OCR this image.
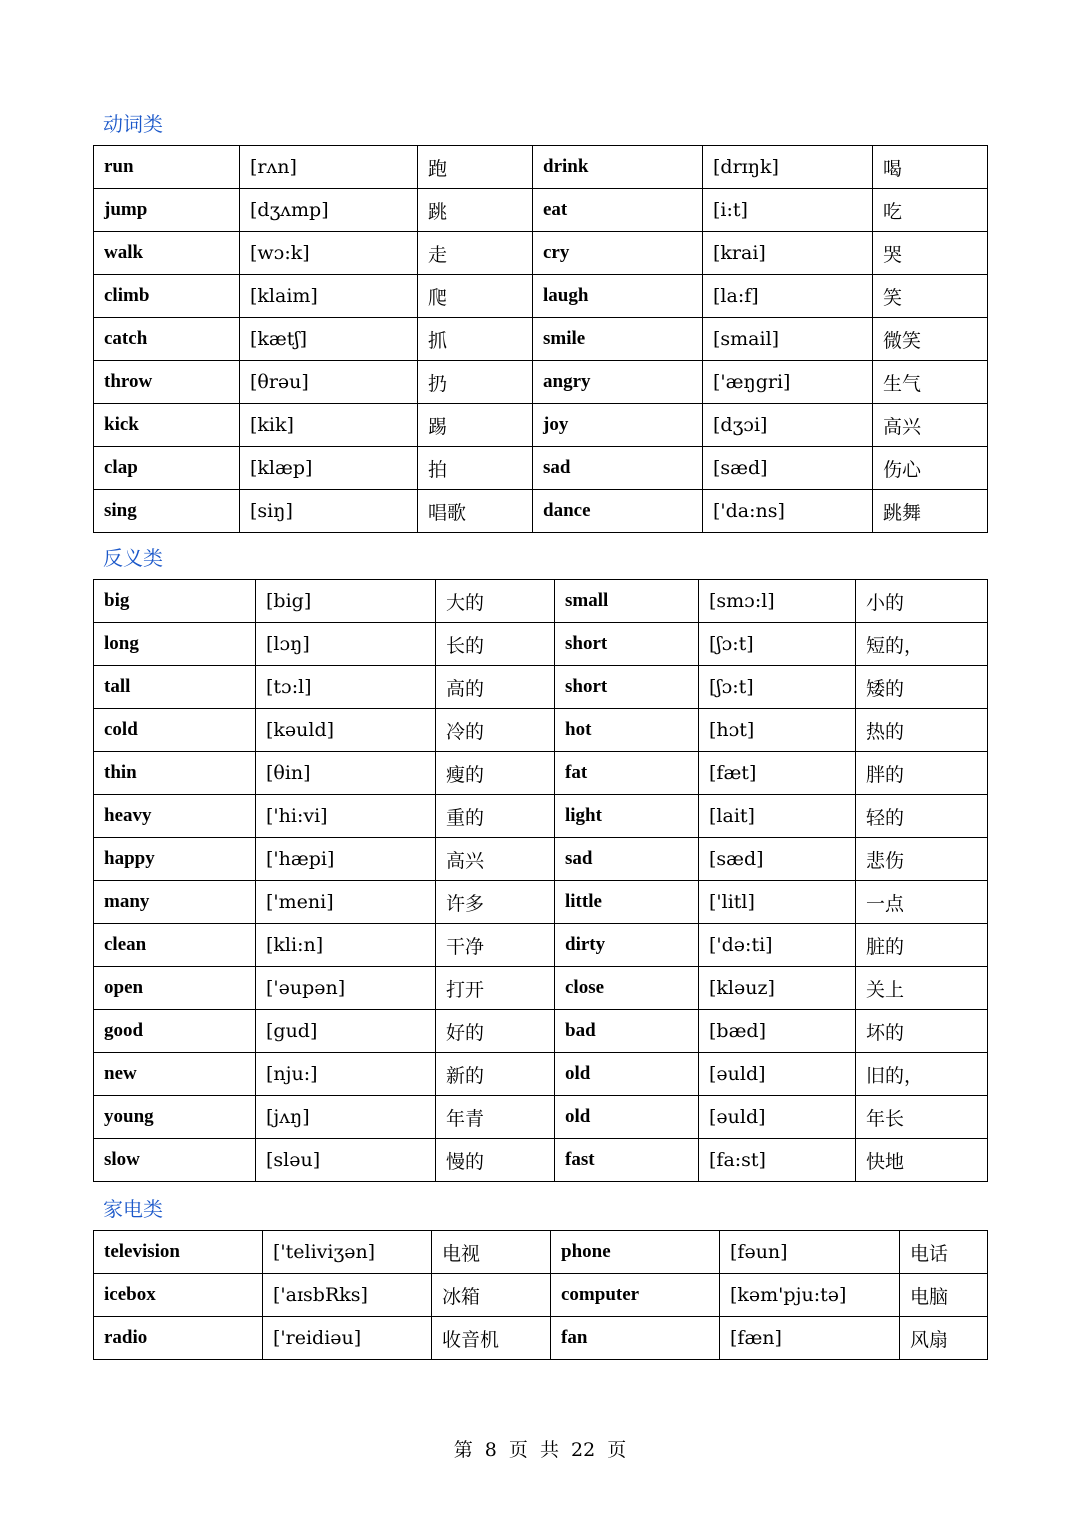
动词类
run	[rʌn]	跑	drink	[drɪŋk]	喝
jump	[dʒʌmp]	跳	eat	[i:t]	吃
walk	[wɔ:k]	走	cry	[krai]	哭
climb	[klaim]	爬	laugh	[la:f]	笑
catch	[kætʃ]	抓	smile	[smail]	微笑
throw	[θrəu]	扔	angry	['æŋgri]	生气
kick	[kik]	踢	joy	[dʒɔi]	高兴
clap	[klæp]	拍	sad	[sæd]	伤心
sing	[siŋ]	唱歌	dance	['da:ns]	跳舞
反义类
big	[big]	大的	small	[smɔ:l]	小的
long	[lɔŋ]	长的	short	[ʃɔ:t]	短的，
tall	[tɔ:l]	高的	short	[ʃɔ:t]	矮的
cold	[kəuld]	冷的	hot	[hɔt]	热的
thin	[θin]	瘦的	fat	[fæt]	胖的
heavy	['hi:vi]	重的	light	[lait]	轻的
happy	['hæpi]	高兴	sad	[sæd]	悲伤
many	['meni]	许多	little	['litl]	一点
clean	[kli:n]	干净	dirty	['də:ti]	脏的
open	['əupən]	打开	close	[kləuz]	关上
good	[gud]	好的	bad	[bæd]	坏的
new	[nju:]	新的	old	[əuld]	旧的，
young	[jʌŋ]	年青	old	[əuld]	年长
slow	[sləu]	慢的	fast	[fa:st]	快地
家电类
television	['teliviʒən]	电视	phone	[fəun]	电话
icebox	['aɪsbRks]	冰箱	computer	[kəm'pju:tə]	电脑
radio	['reidiəu]	收音机	fan	[fæn]	风扇
第 8 页 共 22 页
